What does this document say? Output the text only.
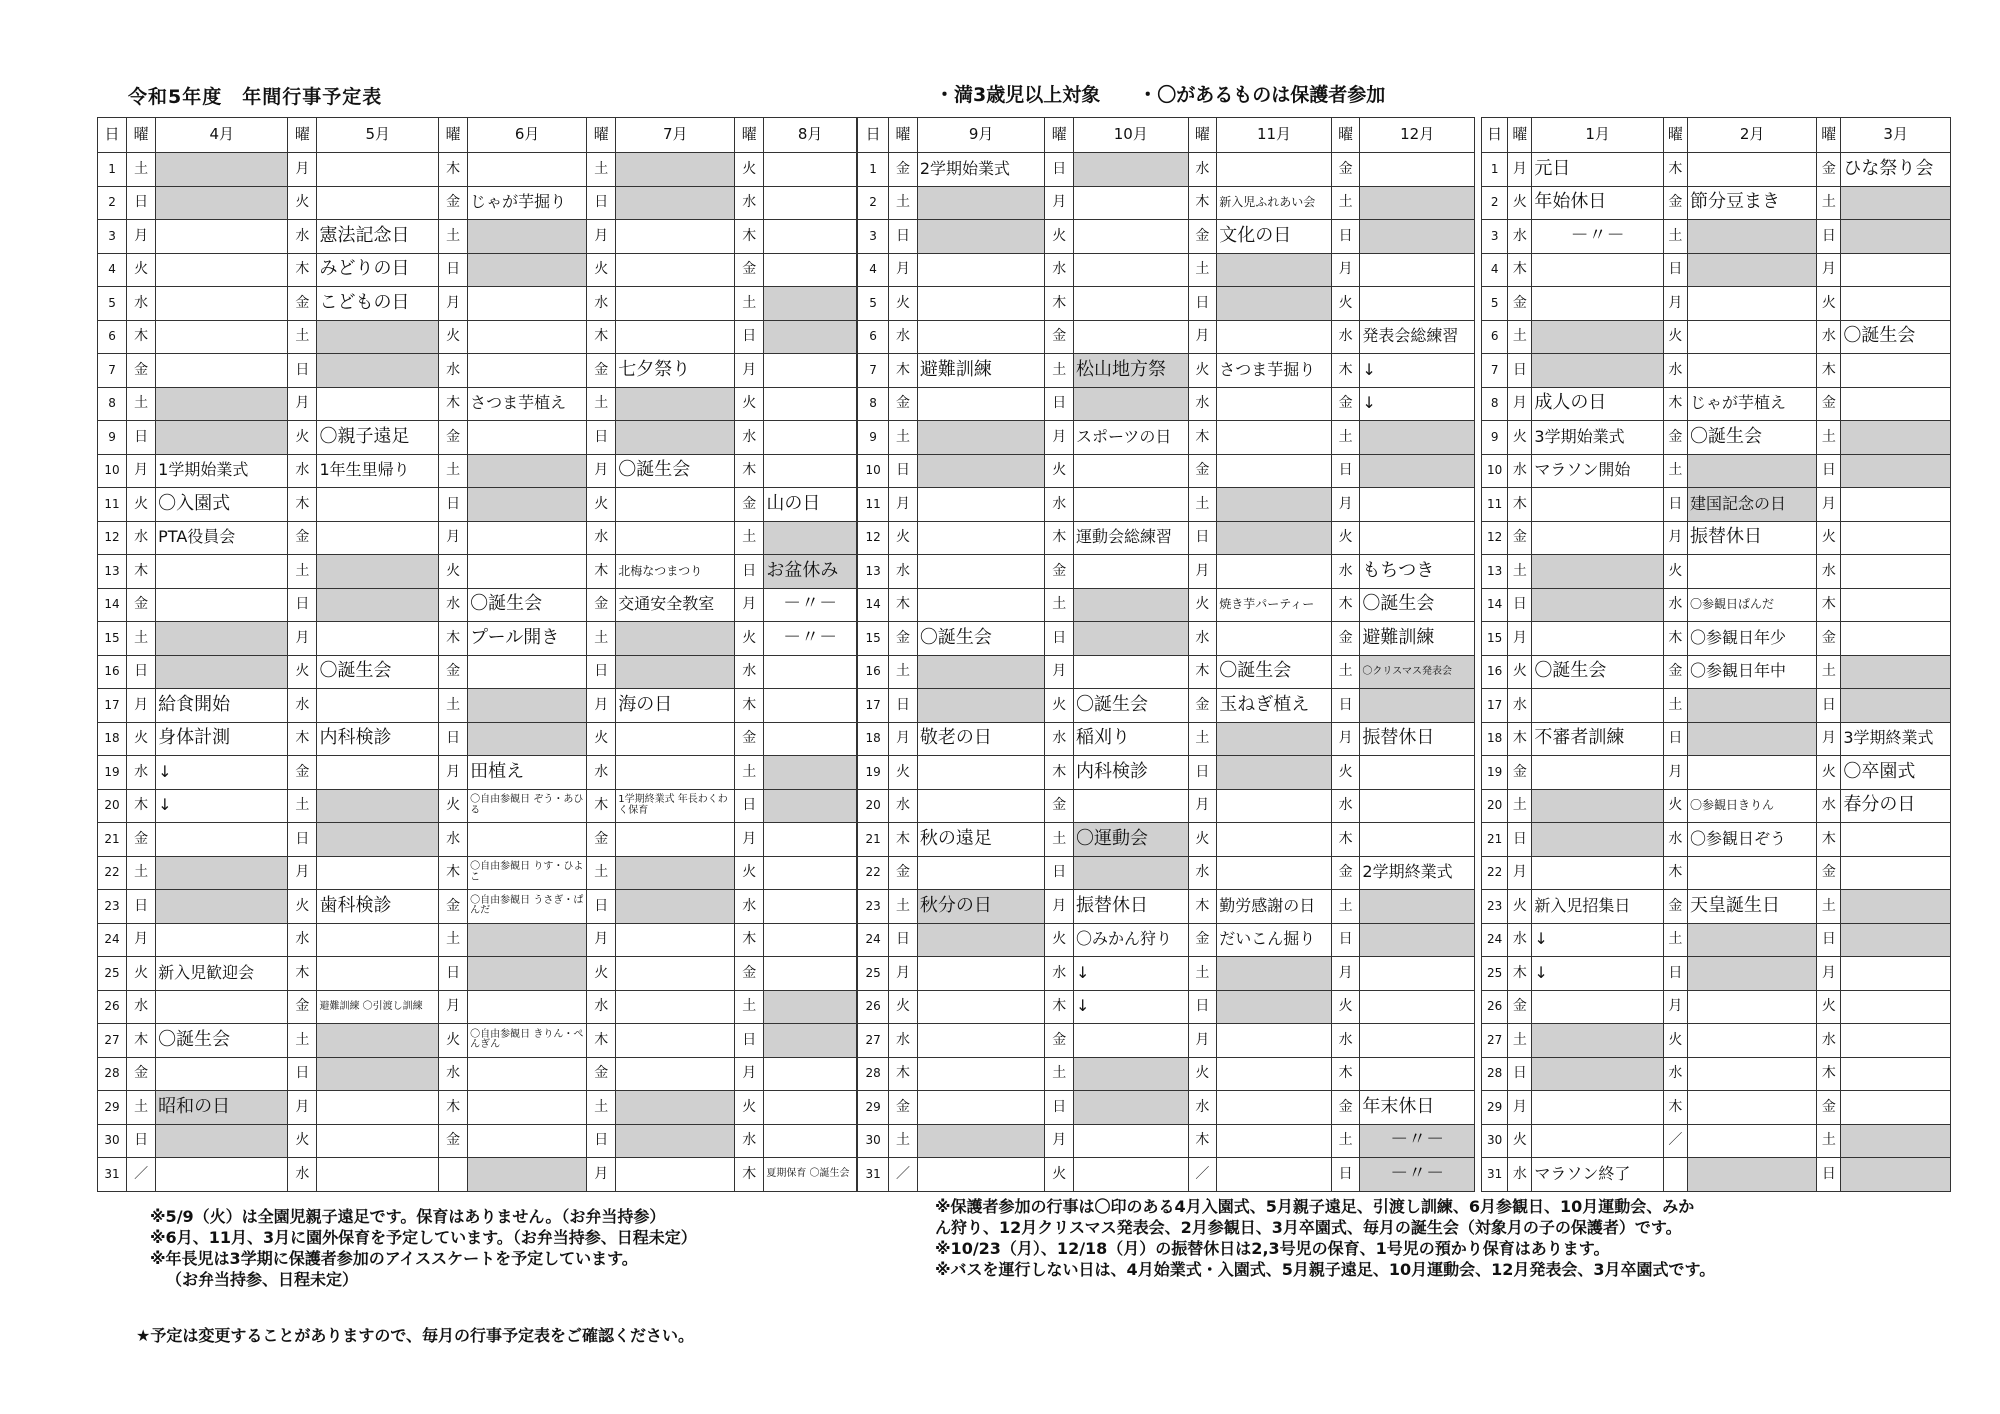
令和5年度　年間行事予定表	・満3歳児以上対象　　 ・〇があるものは保護者参加
日	曜	4月	曜	5月	曜	6月	曜	7月	曜	8月
1	土		月		木		土		火	
2	日		火		金	じゃが芋掘り	日		水	
3	月		水	憲法記念日	土		月		木	
4	火		木	みどりの日	日		火		金	
5	水		金	こどもの日	月		水		土	
6	木		土		火		木		日	
7	金		日		水		金	七夕祭り	月	
8	土		月		木	さつま芋植え	土		火	
9	日		火	〇親子遠足	金		日		水	
10	月	1学期始業式	水	1年生里帰り	土		月	〇誕生会	木	
11	火	〇入園式	木		日		火		金	山の日
12	水	PTA役員会	金		月		水		土	
13	木		土		火		木	北梅なつまつり	日	お盆休み
14	金		日		水	〇誕生会	金	交通安全教室	月	－〃－
15	土		月		木	プール開き	土		火	－〃－
16	日		火	〇誕生会	金		日		水	
17	月	給食開始	水		土		月	海の日	木	
18	火	身体計測	木	内科検診	日		火		金	
19	水	↓	金		月	田植え	水		土	
20	木	↓	土		火	〇自由参観日 ぞう・あひる	木	1学期終業式 年長わくわく保育	日	
21	金		日		水		金		月	
22	土		月		木	〇自由参観日 りす・ひよこ	土		火	
23	日		火	歯科検診	金	〇自由参観日 うさぎ・ぱんだ	日		水	
24	月		水		土		月		木	
25	火	新入児歓迎会	木		日		火		金	
26	水		金	避難訓練 〇引渡し訓練	月		水		土	
27	木	〇誕生会	土		火	〇自由参観日 きりん・ぺんぎん	木		日	
28	金		日		水		金		月	
29	土	昭和の日	月		木		土		火	
30	日		火		金		日		水	
31	／		水				月		木	夏期保育 〇誕生会
日	曜	9月	曜	10月	曜	11月	曜	12月
1	金	2学期始業式	日		水		金	
2	土		月		木	新入児ふれあい会	土	
3	日		火		金	文化の日	日	
4	月		水		土		月	
5	火		木		日		火	
6	水		金		月		水	発表会総練習
7	木	避難訓練	土	松山地方祭	火	さつま芋掘り	木	↓
8	金		日		水		金	↓
9	土		月	スポーツの日	木		土	
10	日		火		金		日	
11	月		水		土		月	
12	火		木	運動会総練習	日		火	
13	水		金		月		水	もちつき
14	木		土		火	焼き芋パーティー	木	〇誕生会
15	金	〇誕生会	日		水		金	避難訓練
16	土		月		木	〇誕生会	土	〇クリスマス発表会
17	日		火	〇誕生会	金	玉ねぎ植え	日	
18	月	敬老の日	水	稲刈り	土		月	振替休日
19	火		木	内科検診	日		火	
20	水		金		月		水	
21	木	秋の遠足	土	〇運動会	火		木	
22	金		日		水		金	2学期終業式
23	土	秋分の日	月	振替休日	木	勤労感謝の日	土	
24	日		火	〇みかん狩り	金	だいこん掘り	日	
25	月		水	↓	土		月	
26	火		木	↓	日		火	
27	水		金		月		水	
28	木		土		火		木	
29	金		日		水		金	年末休日
30	土		月		木		土	－〃－
31	／		火		／		日	－〃－
日	曜	1月	曜	2月	曜	3月
1	月	元日	木		金	ひな祭り会
2	火	年始休日	金	節分豆まき	土	
3	水	－〃－	土		日	
4	木		日		月	
5	金		月		火	
6	土		火		水	〇誕生会
7	日		水		木	
8	月	成人の日	木	じゃが芋植え	金	
9	火	3学期始業式	金	〇誕生会	土	
10	水	マラソン開始	土		日	
11	木		日	建国記念の日	月	
12	金		月	振替休日	火	
13	土		火		水	
14	日		水	〇参観日ぱんだ	木	
15	月		木	〇参観日年少	金	
16	火	〇誕生会	金	〇参観日年中	土	
17	水		土		日	
18	木	不審者訓練	日		月	3学期終業式
19	金		月		火	〇卒園式
20	土		火	〇参観日きりん	水	春分の日
21	日		水	〇参観日ぞう	木	
22	月		木		金	
23	火	新入児招集日	金	天皇誕生日	土	
24	水	↓	土		日	
25	木	↓	日		月	
26	金		月		火	
27	土		火		水	
28	日		水		木	
29	月		木		金	
30	火		／		土	
31	水	マラソン終了			日	
※5/9（火）は全園児親子遠足です。保育はありません。（お弁当持参）
※6月、11月、3月に園外保育を予定しています。（お弁当持参、日程未定）
※年長児は3学期に保護者参加のアイススケートを予定しています。
（お弁当持参、日程未定）
★予定は変更することがありますので、毎月の行事予定表をご確認ください。
※保護者参加の行事は〇印のある4月入園式、5月親子遠足、引渡し訓練、6月参観日、10月運動会、みか
ん狩り、12月クリスマス発表会、2月参観日、3月卒園式、毎月の誕生会（対象月の子の保護者）です。
※10/23（月）、12/18（月）の振替休日は2,3号児の保育、1号児の預かり保育はあります。
※バスを運行しない日は、4月始業式・入園式、5月親子遠足、10月運動会、12月発表会、3月卒園式です。
